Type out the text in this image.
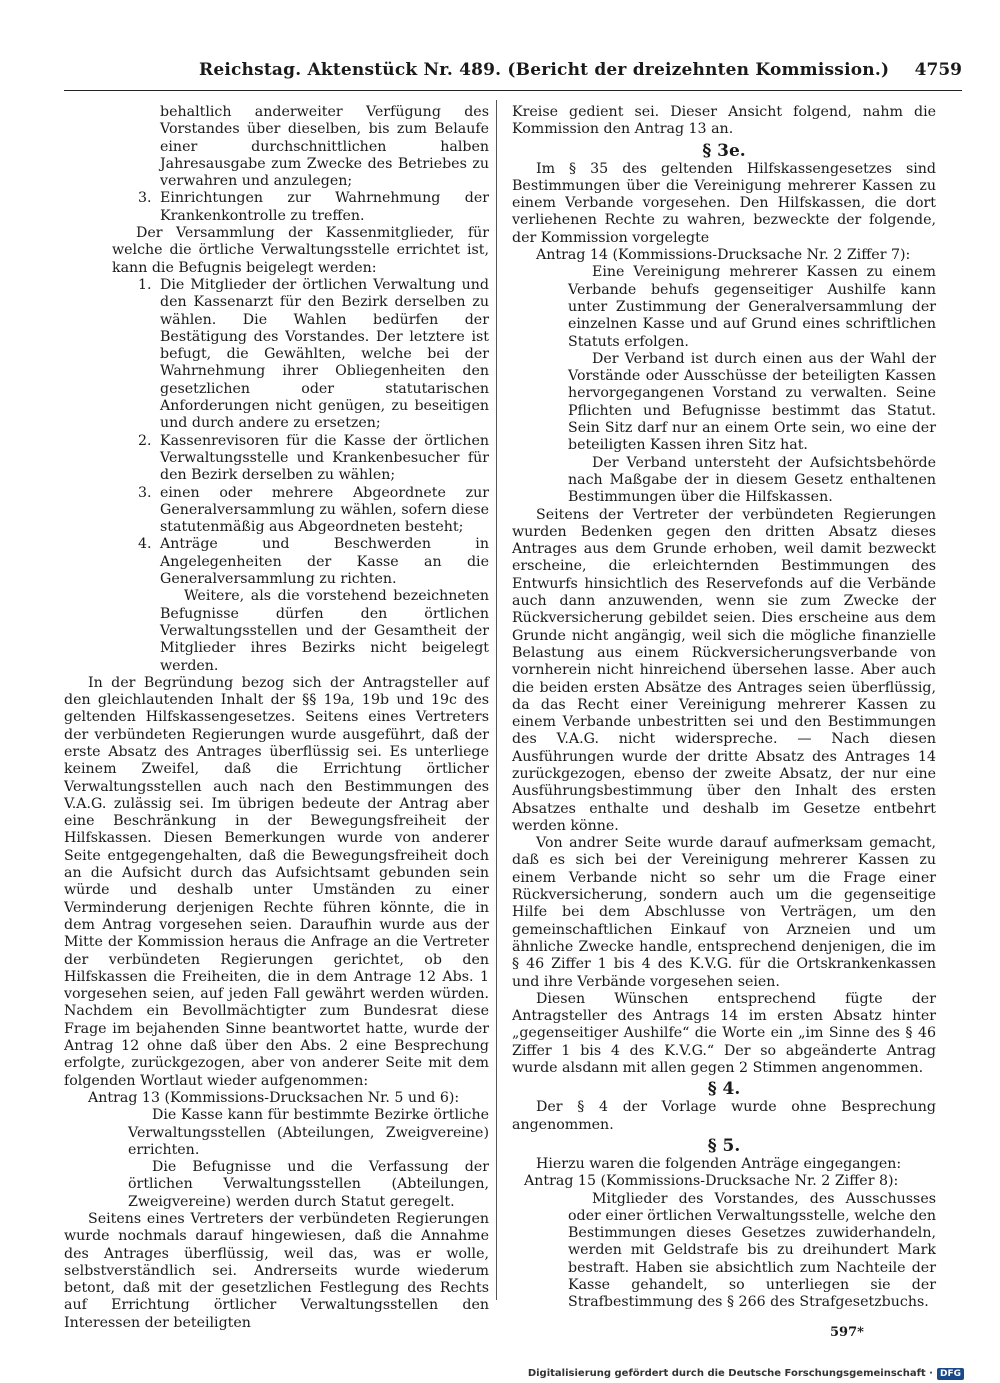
Reichstag. Aktenstück Nr. 489. (Bericht der dreizehnten Kommission.) 4759

behaltlich anderweiter Verfügung des Vorstandes über dieselben, bis zum Belaufe einer durchschnittlichen halben Jahresausgabe zum Zwecke des Betriebes zu verwahren und anzulegen;

3. Einrichtungen zur Wahrnehmung der Krankenkontrolle zu treffen.

Der Versammlung der Kassenmitglieder, für welche die örtliche Verwaltungsstelle errichtet ist, kann die Befugnis beigelegt werden:

1. Die Mitglieder der örtlichen Verwaltung und den Kassenarzt für den Bezirk derselben zu wählen. Die Wahlen bedürfen der Bestätigung des Vorstandes. Der letztere ist befugt, die Gewählten, welche bei der Wahrnehmung ihrer Obliegenheiten den gesetzlichen oder statutarischen Anforderungen nicht genügen, zu beseitigen und durch andere zu ersetzen;

2. Kassenrevisoren für die Kasse der örtlichen Verwaltungsstelle und Krankenbesucher für den Bezirk derselben zu wählen;

3. einen oder mehrere Abgeordnete zur Generalversammlung zu wählen, sofern diese statutenmäßig aus Abgeordneten besteht;

4. Anträge und Beschwerden in Angelegenheiten der Kasse an die Generalversammlung zu richten.

Weitere, als die vorstehend bezeichneten Befugnisse dürfen den örtlichen Verwaltungsstellen und der Gesamtheit der Mitglieder ihres Bezirks nicht beigelegt werden.

In der Begründung bezog sich der Antragsteller auf den gleichlautenden Inhalt der §§ 19a, 19b und 19c des geltenden Hilfskassengesetzes. Seitens eines Vertreters der verbündeten Regierungen wurde ausgeführt, daß der erste Absatz des Antrages überflüssig sei. Es unterliege keinem Zweifel, daß die Errichtung örtlicher Verwaltungsstellen auch nach den Bestimmungen des V.A.G. zulässig sei. Im übrigen bedeute der Antrag aber eine Beschränkung in der Bewegungsfreiheit der Hilfskassen. Diesen Bemerkungen wurde von anderer Seite entgegengehalten, daß die Bewegungsfreiheit doch an die Aufsicht durch das Aufsichtsamt gebunden sein würde und deshalb unter Umständen zu einer Verminderung derjenigen Rechte führen könnte, die in dem Antrag vorgesehen seien. Daraufhin wurde aus der Mitte der Kommission heraus die Anfrage an die Vertreter der verbündeten Regierungen gerichtet, ob den Hilfskassen die Freiheiten, die in dem Antrage 12 Abs. 1 vorgesehen seien, auf jeden Fall gewährt werden würden. Nachdem ein Bevollmächtigter zum Bundesrat diese Frage im bejahenden Sinne beantwortet hatte, wurde der Antrag 12 ohne daß über den Abs. 2 eine Besprechung erfolgte, zurückgezogen, aber von anderer Seite mit dem folgenden Wortlaut wieder aufgenommen:

Antrag 13 (Kommissions-Drucksachen Nr. 5 und 6):

Die Kasse kann für bestimmte Bezirke örtliche Verwaltungsstellen (Abteilungen, Zweigvereine) errichten.

Die Befugnisse und die Verfassung der örtlichen Verwaltungsstellen (Abteilungen, Zweigvereine) werden durch Statut geregelt.

Seitens eines Vertreters der verbündeten Regierungen wurde nochmals darauf hingewiesen, daß die Annahme des Antrages überflüssig, weil das, was er wolle, selbstverständlich sei. Andrerseits wurde wiederum betont, daß mit der gesetzlichen Festlegung des Rechts auf Errichtung örtlicher Verwaltungsstellen den Interessen der beteiligten

Kreise gedient sei. Dieser Ansicht folgend, nahm die Kommission den Antrag 13 an.

§ 3e.

Im § 35 des geltenden Hilfskassengesetzes sind Bestimmungen über die Vereinigung mehrerer Kassen zu einem Verbande vorgesehen. Den Hilfskassen, die dort verliehenen Rechte zu wahren, bezweckte der folgende, der Kommission vorgelegte

Antrag 14 (Kommissions-Drucksache Nr. 2 Ziffer 7):

Eine Vereinigung mehrerer Kassen zu einem Verbande behufs gegenseitiger Aushilfe kann unter Zustimmung der Generalversammlung der einzelnen Kasse und auf Grund eines schriftlichen Statuts erfolgen.

Der Verband ist durch einen aus der Wahl der Vorstände oder Ausschüsse der beteiligten Kassen hervorgegangenen Vorstand zu verwalten. Seine Pflichten und Befugnisse bestimmt das Statut. Sein Sitz darf nur an einem Orte sein, wo eine der beteiligten Kassen ihren Sitz hat.

Der Verband untersteht der Aufsichtsbehörde nach Maßgabe der in diesem Gesetz enthaltenen Bestimmungen über die Hilfskassen.

Seitens der Vertreter der verbündeten Regierungen wurden Bedenken gegen den dritten Absatz dieses Antrages aus dem Grunde erhoben, weil damit bezweckt erscheine, die erleichternden Bestimmungen des Entwurfs hinsichtlich des Reservefonds auf die Verbände auch dann anzuwenden, wenn sie zum Zwecke der Rückversicherung gebildet seien. Dies erscheine aus dem Grunde nicht angängig, weil sich die mögliche finanzielle Belastung aus einem Rückversicherungsverbande von vornherein nicht hinreichend übersehen lasse. Aber auch die beiden ersten Absätze des Antrages seien überflüssig, da das Recht einer Vereinigung mehrerer Kassen zu einem Verbande unbestritten sei und den Bestimmungen des V.A.G. nicht widerspreche. — Nach diesen Ausführungen wurde der dritte Absatz des Antrages 14 zurückgezogen, ebenso der zweite Absatz, der nur eine Ausführungsbestimmung über den Inhalt des ersten Absatzes enthalte und deshalb im Gesetze entbehrt werden könne.

Von andrer Seite wurde darauf aufmerksam gemacht, daß es sich bei der Vereinigung mehrerer Kassen zu einem Verbande nicht so sehr um die Frage einer Rückversicherung, sondern auch um die gegenseitige Hilfe bei dem Abschlusse von Verträgen, um den gemeinschaftlichen Einkauf von Arzneien und um ähnliche Zwecke handle, entsprechend denjenigen, die im § 46 Ziffer 1 bis 4 des K.V.G. für die Ortskrankenkassen und ihre Verbände vorgesehen seien.

Diesen Wünschen entsprechend fügte der Antragsteller des Antrags 14 im ersten Absatz hinter „gegenseitiger Aushilfe“ die Worte ein „im Sinne des § 46 Ziffer 1 bis 4 des K.V.G.“ Der so abgeänderte Antrag wurde alsdann mit allen gegen 2 Stimmen angenommen.

§ 4.

Der § 4 der Vorlage wurde ohne Besprechung angenommen.

§ 5.

Hierzu waren die folgenden Anträge eingegangen:

Antrag 15 (Kommissions-Drucksache Nr. 2 Ziffer 8):

Mitglieder des Vorstandes, des Ausschusses oder einer örtlichen Verwaltungsstelle, welche den Bestimmungen dieses Gesetzes zuwiderhandeln, werden mit Geldstrafe bis zu dreihundert Mark bestraft. Haben sie absichtlich zum Nachteile der Kasse gehandelt, so unterliegen sie der Strafbestimmung des § 266 des Strafgesetzbuchs.

597*
Digitalisierung gefördert durch die Deutsche Forschungsgemeinschaft · DFG
